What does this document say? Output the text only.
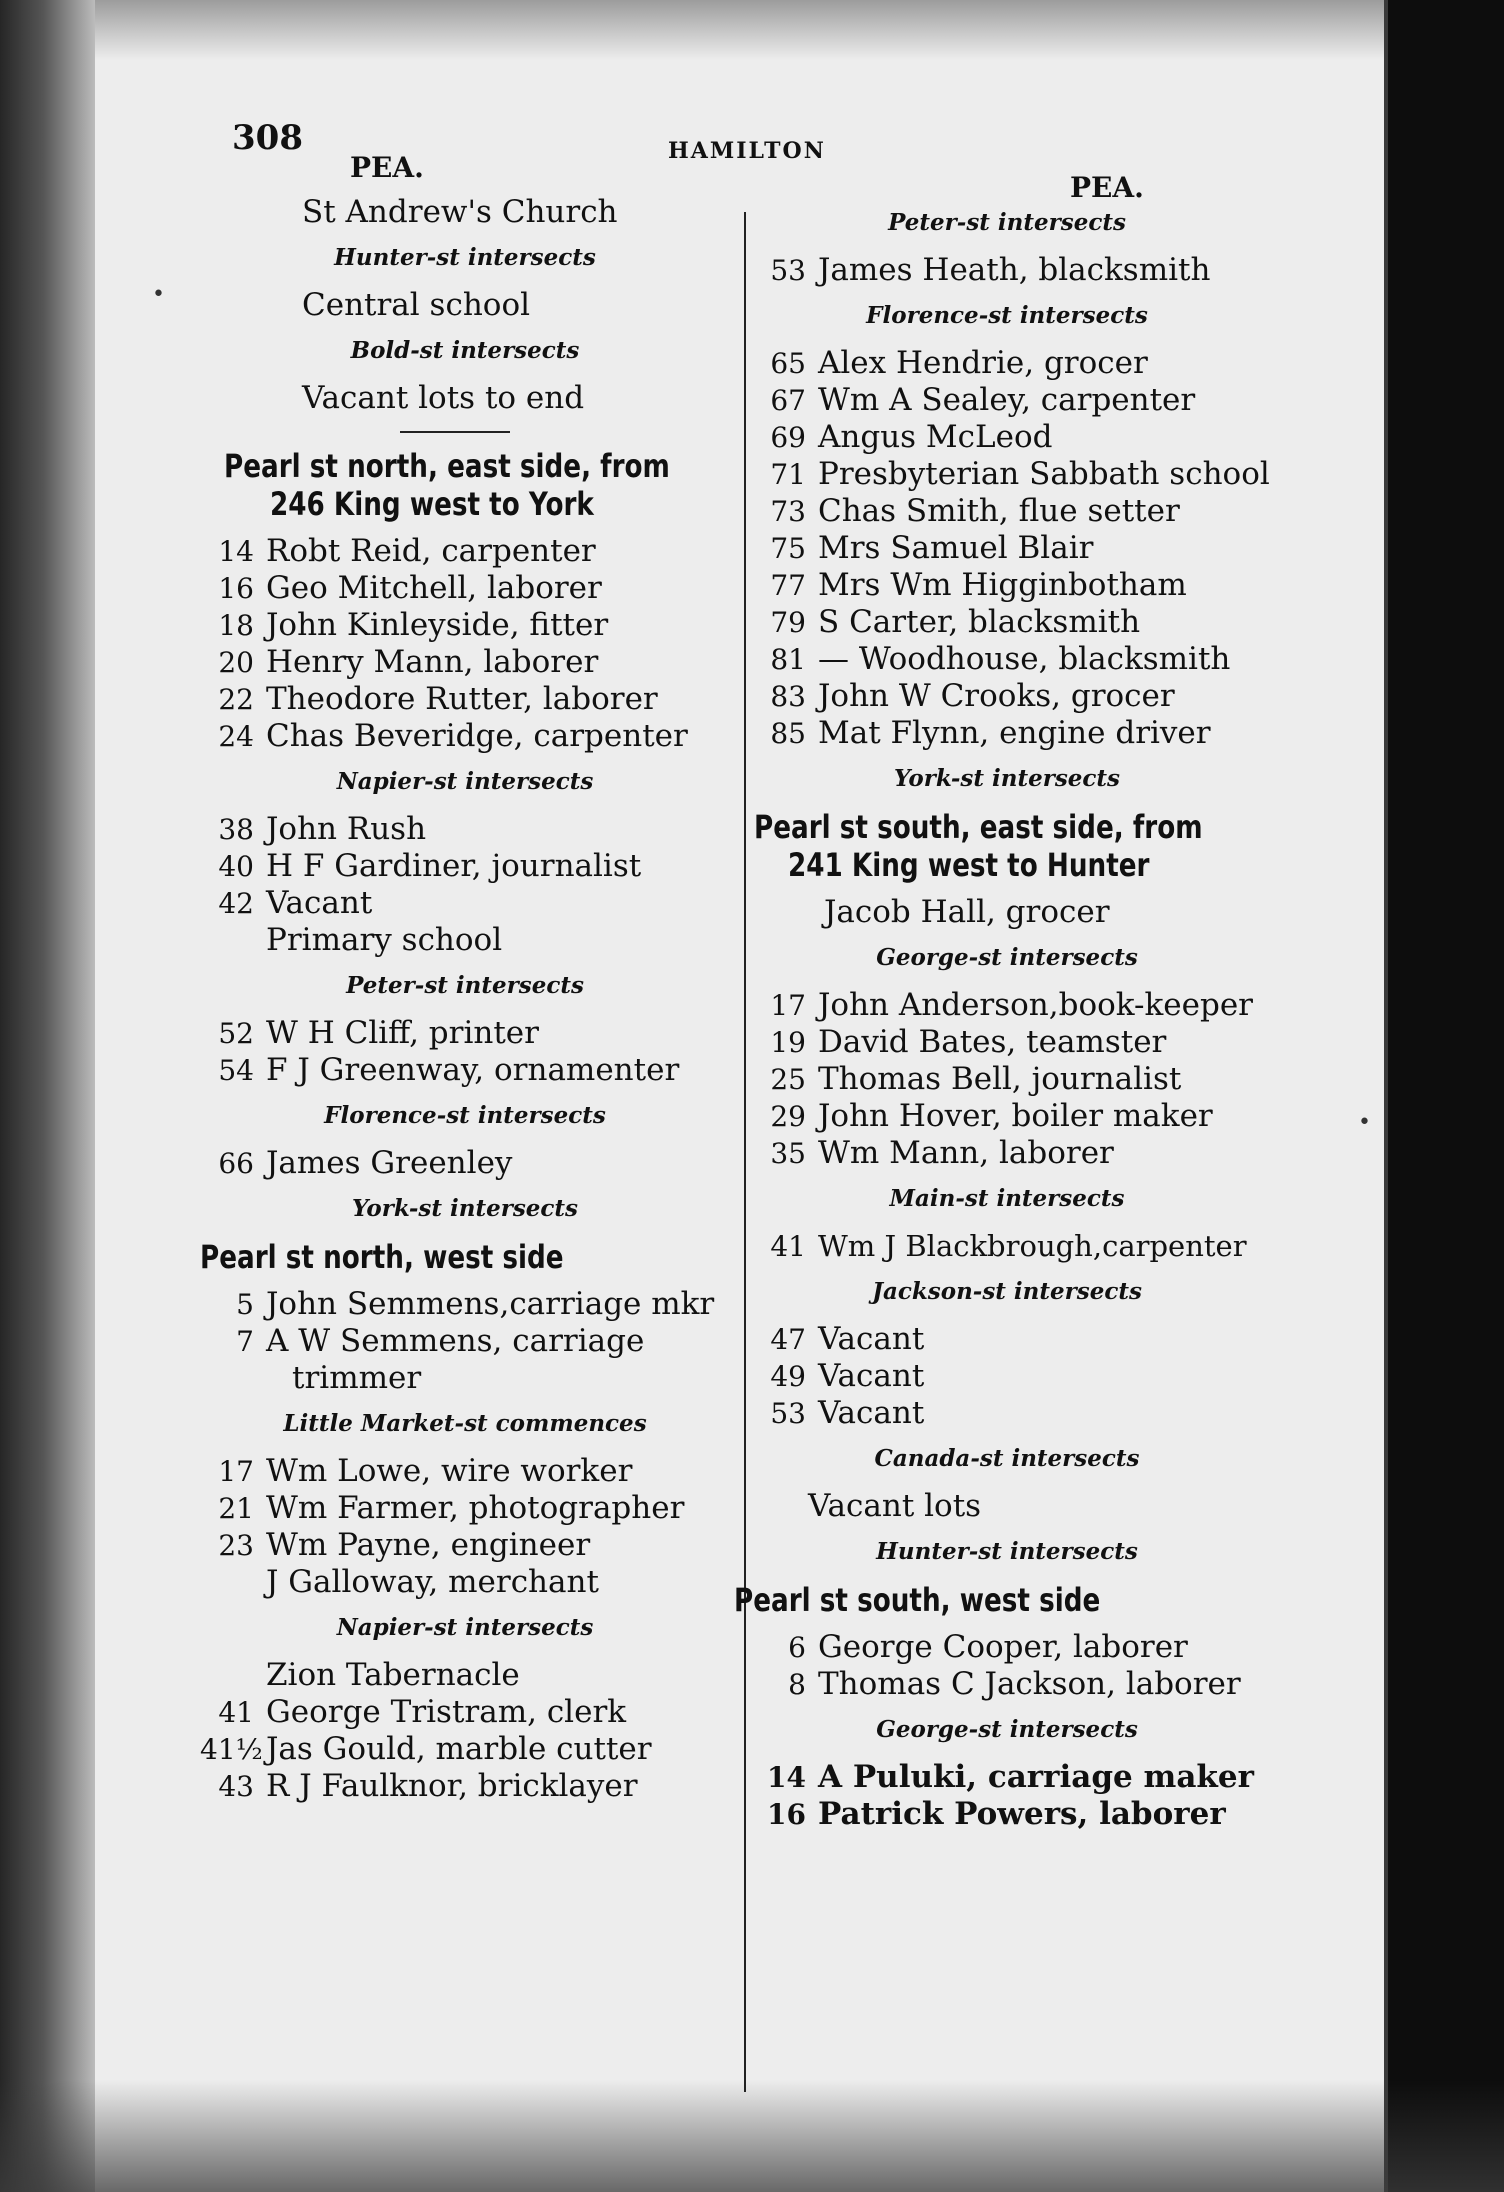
•
•
308	HAMILTON
PEA.
St Andrew's Church
Hunter-st intersects
Central school
Bold-st intersects
Vacant lots to end
Pearl st north, east side, from
246 King west to York
14 Robt Reid, carpenter
16 Geo Mitchell, laborer
18 John Kinleyside, fitter
20 Henry Mann, laborer
22 Theodore Rutter, laborer
24 Chas Beveridge, carpenter
Napier-st intersects
38 John Rush
40 H F Gardiner, journalist
42 Vacant
Primary school
Peter-st intersects
52 W H Cliff, printer
54 F J Greenway, ornamenter
Florence-st intersects
66 James Greenley
York-st intersects
Pearl st north, west side
5 John Semmens,carriage mkr
7 A W Semmens, carriage
trimmer
Little Market-st commences
17 Wm Lowe, wire worker
21 Wm Farmer, photographer
23 Wm Payne, engineer
J Galloway, merchant
Napier-st intersects
Zion Tabernacle
41 George Tristram, clerk
41½ Jas Gould, marble cutter
43 R J Faulknor, bricklayer
PEA.
Peter-st intersects
53 James Heath, blacksmith
Florence-st intersects
65 Alex Hendrie, grocer
67 Wm A Sealey, carpenter
69 Angus McLeod
71 Presbyterian Sabbath school
73 Chas Smith, flue setter
75 Mrs Samuel Blair
77 Mrs Wm Higginbotham
79 S Carter, blacksmith
81 — Woodhouse, blacksmith
83 John W Crooks, grocer
85 Mat Flynn, engine driver
York-st intersects
Pearl st south, east side, from
241 King west to Hunter
Jacob Hall, grocer
George-st intersects
17 John Anderson,book-keeper
19 David Bates, teamster
25 Thomas Bell, journalist
29 John Hover, boiler maker
35 Wm Mann, laborer
Main-st intersects
41 Wm J Blackbrough,carpenter
Jackson-st intersects
47 Vacant
49 Vacant
53 Vacant
Canada-st intersects
Vacant lots
Hunter-st intersects
Pearl st south, west side
6 George Cooper, laborer
8 Thomas C Jackson, laborer
George-st intersects
14 A Puluki, carriage maker
16 Patrick Powers, laborer
